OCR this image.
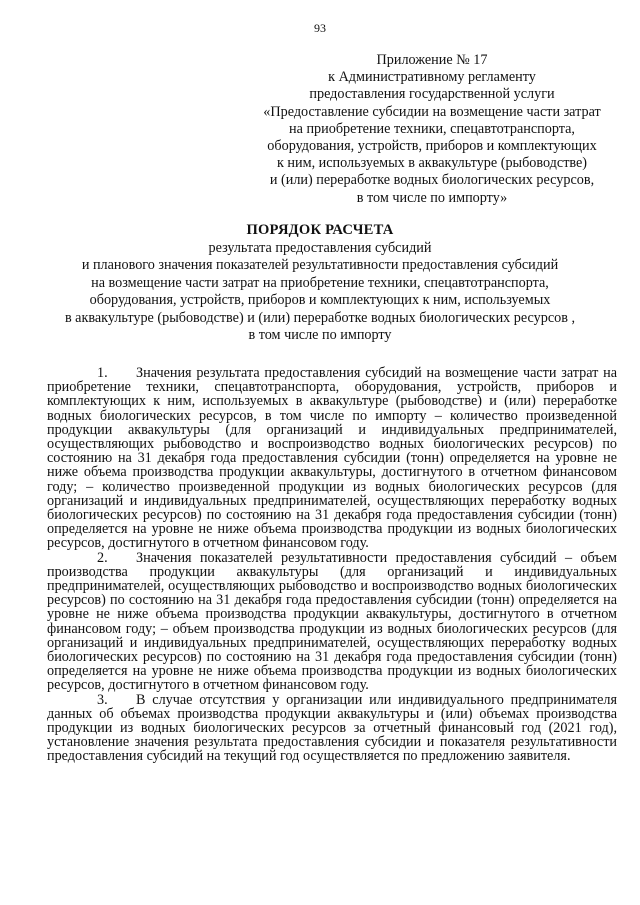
93
Приложение № 17
к Административному регламенту
предоставления государственной услуги
«Предоставление субсидии на возмещение части затрат
на приобретение техники, спецавтотранспорта,
оборудования, устройств, приборов и комплектующих
к ним, используемых в аквакультуре (рыбоводстве)
и (или) переработке водных биологических ресурсов,
в том числе по импорту»
ПОРЯДОК РАСЧЕТА
результата предоставления субсидий
и планового значения показателей результативности предоставления субсидий
на возмещение части затрат на приобретение техники, спецавтотранспорта,
оборудования, устройств, приборов и комплектующих к ним, используемых
в аквакультуре (рыбоводстве) и (или) переработке водных биологических ресурсов ,
в том числе по импорту

1.  Значения результата предоставления субсидий на возмещение части затрат на приобретение техники, спецавтотранспорта, оборудования, устройств, приборов и комплектующих к ним, используемых в аквакультуре (рыбоводстве) и (или) переработке водных биологических ресурсов, в том числе по импорту – количество произведенной продукции аквакультуры (для организаций и индивидуальных предпринимателей, осуществляющих рыбоводство и воспроизводство водных биологических ресурсов) по состоянию на 31 декабря года предоставления субсидии (тонн) определяется на уровне не ниже объема производства продукции аквакультуры, достигнутого в отчетном финансовом году; – количество произведенной продукции из водных биологических ресурсов (для организаций и индивидуальных предпринимателей, осуществляющих переработку водных биологических ресурсов) по состоянию на 31 декабря года предоставления субсидии (тонн) определяется на уровне не ниже объема производства продукции из водных биологических ресурсов, достигнутого в отчетном финансовом году.

2.  Значения показателей результативности предоставления субсидий – объем производства продукции аквакультуры (для организаций и индивидуальных предпринимателей, осуществляющих рыбоводство и воспроизводство водных биологических ресурсов) по состоянию на 31 декабря года предоставления субсидии (тонн) определяется на уровне не ниже объема производства продукции аквакультуры, достигнутого в отчетном финансовом году; – объем производства продукции из водных биологических ресурсов (для организаций и индивидуальных предпринимателей, осуществляющих переработку водных биологических ресурсов) по состоянию на 31 декабря года предоставления субсидии (тонн) определяется на уровне не ниже объема производства продукции из водных биологических ресурсов, достигнутого в отчетном финансовом году.

3.  В случае отсутствия у организации или индивидуального предпринимателя данных об объемах производства продукции аквакультуры и (или) объемах производства продукции из водных биологических ресурсов за отчетный финансовый год (2021 год), установление значения результата предоставления субсидии и показателя результативности предоставления субсидий на текущий год осуществляется по предложению заявителя.
